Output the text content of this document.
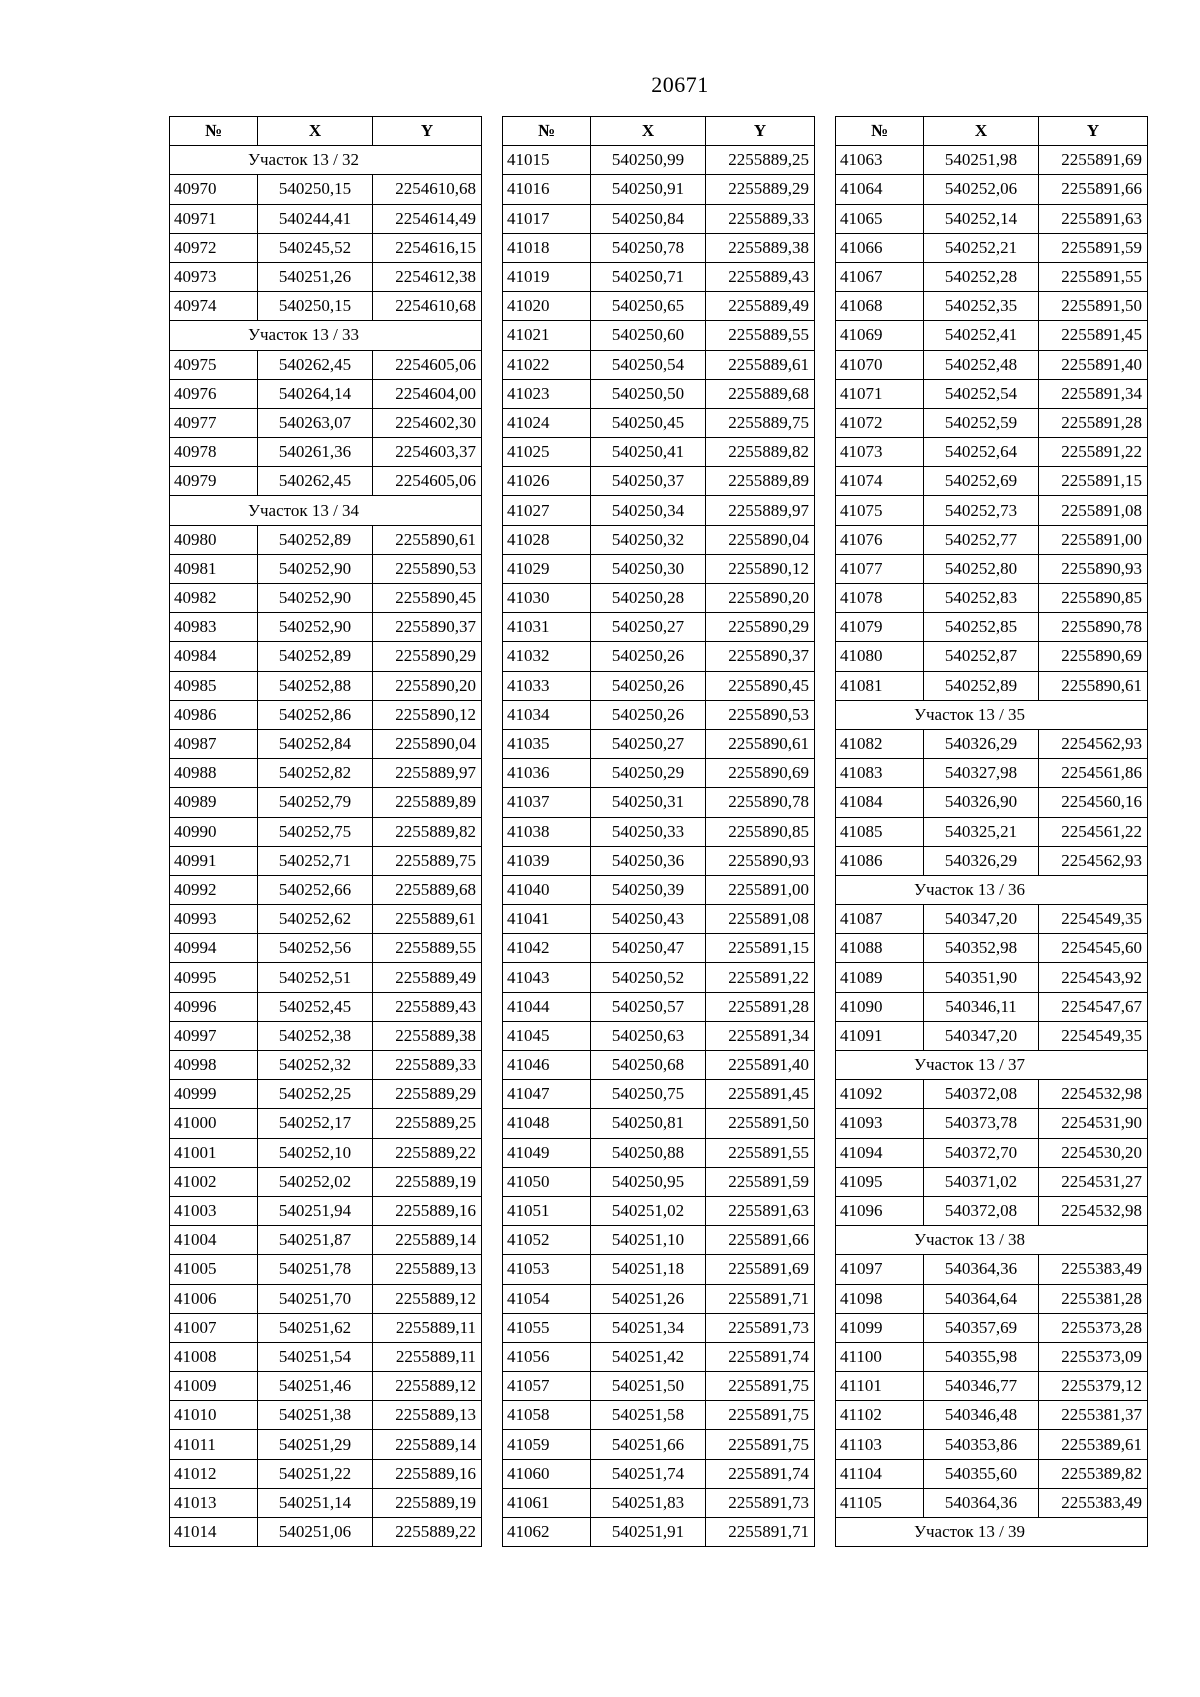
20671
№	X	Y
Участок 13 / 32		
40970	540250,15	2254610,68
40971	540244,41	2254614,49
40972	540245,52	2254616,15
40973	540251,26	2254612,38
40974	540250,15	2254610,68
Участок 13 / 33		
40975	540262,45	2254605,06
40976	540264,14	2254604,00
40977	540263,07	2254602,30
40978	540261,36	2254603,37
40979	540262,45	2254605,06
Участок 13 / 34		
40980	540252,89	2255890,61
40981	540252,90	2255890,53
40982	540252,90	2255890,45
40983	540252,90	2255890,37
40984	540252,89	2255890,29
40985	540252,88	2255890,20
40986	540252,86	2255890,12
40987	540252,84	2255890,04
40988	540252,82	2255889,97
40989	540252,79	2255889,89
40990	540252,75	2255889,82
40991	540252,71	2255889,75
40992	540252,66	2255889,68
40993	540252,62	2255889,61
40994	540252,56	2255889,55
40995	540252,51	2255889,49
40996	540252,45	2255889,43
40997	540252,38	2255889,38
40998	540252,32	2255889,33
40999	540252,25	2255889,29
41000	540252,17	2255889,25
41001	540252,10	2255889,22
41002	540252,02	2255889,19
41003	540251,94	2255889,16
41004	540251,87	2255889,14
41005	540251,78	2255889,13
41006	540251,70	2255889,12
41007	540251,62	2255889,11
41008	540251,54	2255889,11
41009	540251,46	2255889,12
41010	540251,38	2255889,13
41011	540251,29	2255889,14
41012	540251,22	2255889,16
41013	540251,14	2255889,19
41014	540251,06	2255889,22
№	X	Y
41015	540250,99	2255889,25
41016	540250,91	2255889,29
41017	540250,84	2255889,33
41018	540250,78	2255889,38
41019	540250,71	2255889,43
41020	540250,65	2255889,49
41021	540250,60	2255889,55
41022	540250,54	2255889,61
41023	540250,50	2255889,68
41024	540250,45	2255889,75
41025	540250,41	2255889,82
41026	540250,37	2255889,89
41027	540250,34	2255889,97
41028	540250,32	2255890,04
41029	540250,30	2255890,12
41030	540250,28	2255890,20
41031	540250,27	2255890,29
41032	540250,26	2255890,37
41033	540250,26	2255890,45
41034	540250,26	2255890,53
41035	540250,27	2255890,61
41036	540250,29	2255890,69
41037	540250,31	2255890,78
41038	540250,33	2255890,85
41039	540250,36	2255890,93
41040	540250,39	2255891,00
41041	540250,43	2255891,08
41042	540250,47	2255891,15
41043	540250,52	2255891,22
41044	540250,57	2255891,28
41045	540250,63	2255891,34
41046	540250,68	2255891,40
41047	540250,75	2255891,45
41048	540250,81	2255891,50
41049	540250,88	2255891,55
41050	540250,95	2255891,59
41051	540251,02	2255891,63
41052	540251,10	2255891,66
41053	540251,18	2255891,69
41054	540251,26	2255891,71
41055	540251,34	2255891,73
41056	540251,42	2255891,74
41057	540251,50	2255891,75
41058	540251,58	2255891,75
41059	540251,66	2255891,75
41060	540251,74	2255891,74
41061	540251,83	2255891,73
41062	540251,91	2255891,71
№	X	Y
41063	540251,98	2255891,69
41064	540252,06	2255891,66
41065	540252,14	2255891,63
41066	540252,21	2255891,59
41067	540252,28	2255891,55
41068	540252,35	2255891,50
41069	540252,41	2255891,45
41070	540252,48	2255891,40
41071	540252,54	2255891,34
41072	540252,59	2255891,28
41073	540252,64	2255891,22
41074	540252,69	2255891,15
41075	540252,73	2255891,08
41076	540252,77	2255891,00
41077	540252,80	2255890,93
41078	540252,83	2255890,85
41079	540252,85	2255890,78
41080	540252,87	2255890,69
41081	540252,89	2255890,61
Участок 13 / 35		
41082	540326,29	2254562,93
41083	540327,98	2254561,86
41084	540326,90	2254560,16
41085	540325,21	2254561,22
41086	540326,29	2254562,93
Участок 13 / 36		
41087	540347,20	2254549,35
41088	540352,98	2254545,60
41089	540351,90	2254543,92
41090	540346,11	2254547,67
41091	540347,20	2254549,35
Участок 13 / 37		
41092	540372,08	2254532,98
41093	540373,78	2254531,90
41094	540372,70	2254530,20
41095	540371,02	2254531,27
41096	540372,08	2254532,98
Участок 13 / 38		
41097	540364,36	2255383,49
41098	540364,64	2255381,28
41099	540357,69	2255373,28
41100	540355,98	2255373,09
41101	540346,77	2255379,12
41102	540346,48	2255381,37
41103	540353,86	2255389,61
41104	540355,60	2255389,82
41105	540364,36	2255383,49
Участок 13 / 39		
